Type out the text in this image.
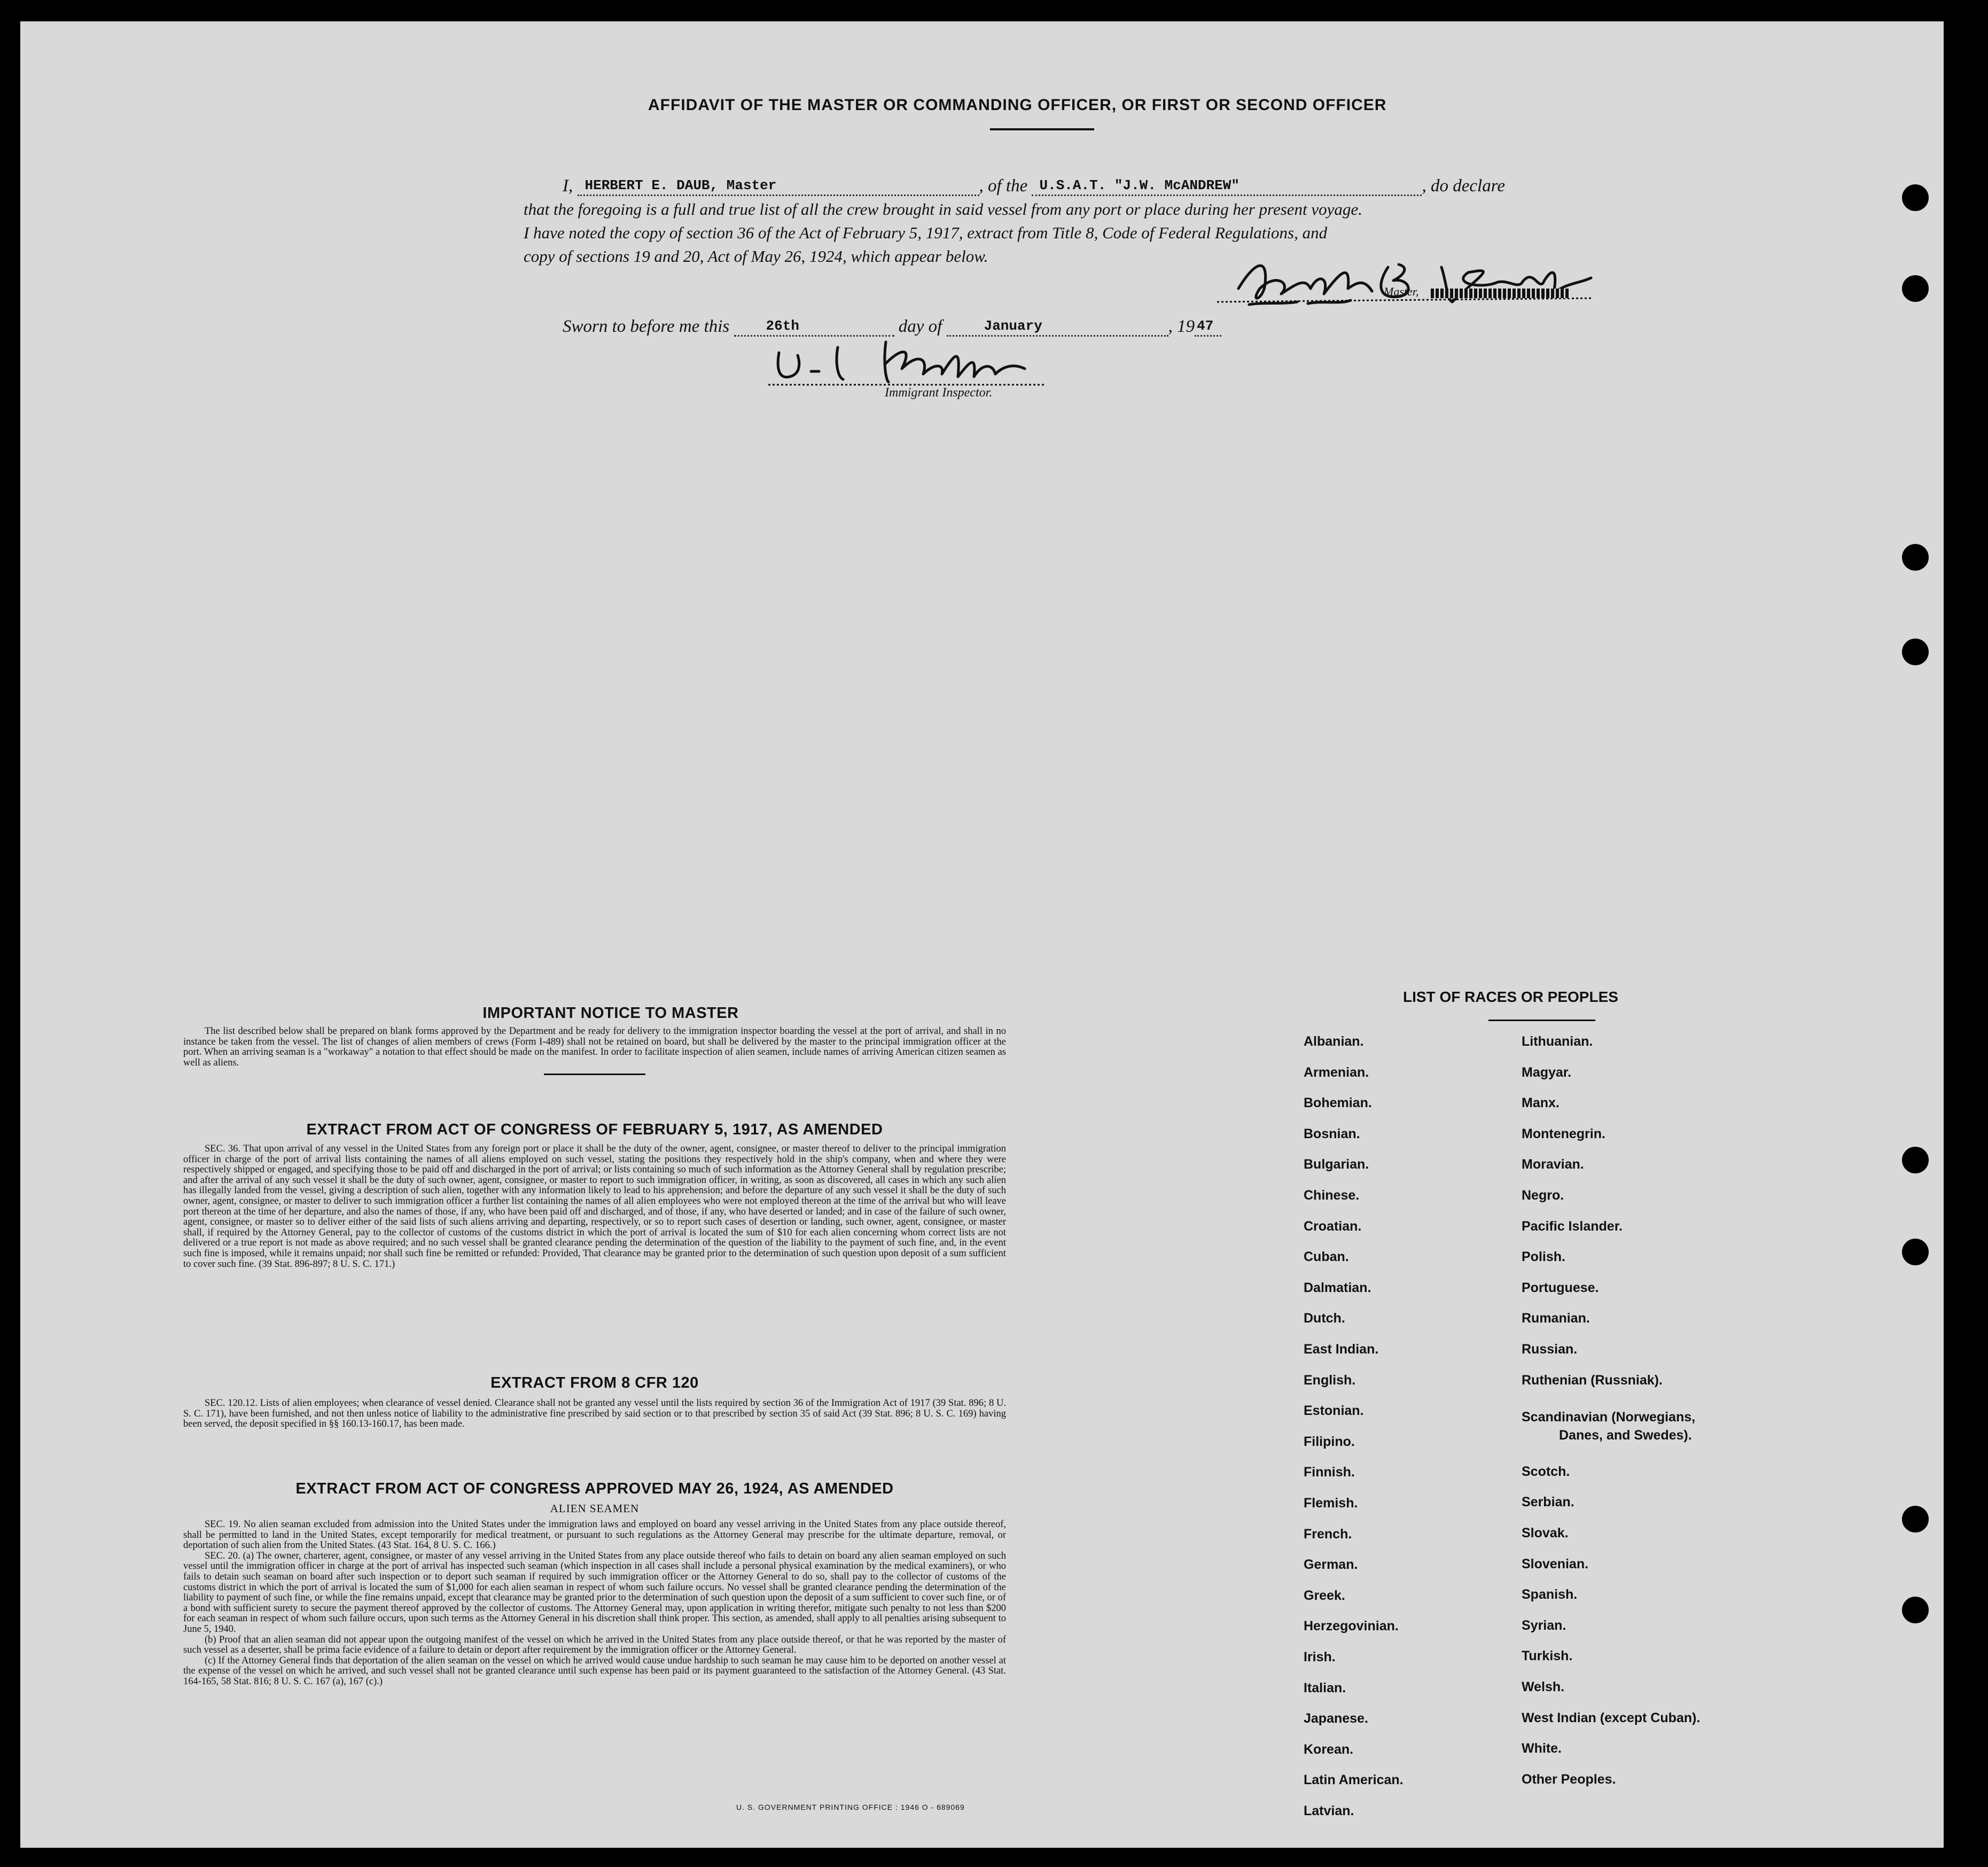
AFFIDAVIT OF THE MASTER OR COMMANDING OFFICER, OR FIRST OR SECOND OFFICER
I, HERBERT E. DAUB, Master	, of the U.S.A.T. "J.W. McANDREW"	, do declare
that the foregoing is a full and true list of all the crew brought in said vessel from any port or place during her present voyage.
I have noted the copy of section 36 of the Act of February 5, 1917, extract from Title 8, Code of Federal Regulations, and
copy of sections 19 and 20, Act of May 26, 1924, which appear below.
Master,
Sworn to before me this	26th	day of	January	, 19 47
Immigrant Inspector.
IMPORTANT NOTICE TO MASTER
The list described below shall be prepared on blank forms approved by the Department and be ready for delivery to the immigration inspector boarding the vessel at the port of arrival, and shall in no instance be taken from the vessel. The list of changes of alien members of crews (Form I-489) shall not be retained on board, but shall be delivered by the master to the principal immigration officer at the port. When an arriving seaman is a "workaway" a notation to that effect should be made on the manifest. In order to facilitate inspection of alien seamen, include names of arriving American citizen seamen as well as aliens.
EXTRACT FROM ACT OF CONGRESS OF FEBRUARY 5, 1917, AS AMENDED
SEC. 36. That upon arrival of any vessel in the United States from any foreign port or place it shall be the duty of the owner, agent, consignee, or master thereof to deliver to the principal immigration officer in charge of the port of arrival lists containing the names of all aliens employed on such vessel, stating the positions they respectively hold in the ship's company, when and where they were respectively shipped or engaged, and specifying those to be paid off and discharged in the port of arrival; or lists containing so much of such information as the Attorney General shall by regulation prescribe; and after the arrival of any such vessel it shall be the duty of such owner, agent, consignee, or master to report to such immigration officer, in writing, as soon as discovered, all cases in which any such alien has illegally landed from the vessel, giving a description of such alien, together with any information likely to lead to his apprehension; and before the departure of any such vessel it shall be the duty of such owner, agent, consignee, or master to deliver to such immigration officer a further list containing the names of all alien employees who were not employed thereon at the time of the arrival but who will leave port thereon at the time of her departure, and also the names of those, if any, who have been paid off and discharged, and of those, if any, who have deserted or landed; and in case of the failure of such owner, agent, consignee, or master so to deliver either of the said lists of such aliens arriving and departing, respectively, or so to report such cases of desertion or landing, such owner, agent, consignee, or master shall, if required by the Attorney General, pay to the collector of customs of the customs district in which the port of arrival is located the sum of $10 for each alien concerning whom correct lists are not delivered or a true report is not made as above required; and no such vessel shall be granted clearance pending the determination of the question of the liability to the payment of such fine, and, in the event such fine is imposed, while it remains unpaid; nor shall such fine be remitted or refunded: Provided, That clearance may be granted prior to the determination of such question upon deposit of a sum sufficient to cover such fine. (39 Stat. 896-897; 8 U. S. C. 171.)
EXTRACT FROM 8 CFR 120
SEC. 120.12. Lists of alien employees; when clearance of vessel denied. Clearance shall not be granted any vessel until the lists required by section 36 of the Immigration Act of 1917 (39 Stat. 896; 8 U. S. C. 171), have been furnished, and not then unless notice of liability to the administrative fine prescribed by said section or to that prescribed by section 35 of said Act (39 Stat. 896; 8 U. S. C. 169) having been served, the deposit specified in §§ 160.13-160.17, has been made.
EXTRACT FROM ACT OF CONGRESS APPROVED MAY 26, 1924, AS AMENDED
ALIEN SEAMEN
SEC. 19. No alien seaman excluded from admission into the United States under the immigration laws and employed on board any vessel arriving in the United States from any place outside thereof, shall be permitted to land in the United States, except temporarily for medical treatment, or pursuant to such regulations as the Attorney General may prescribe for the ultimate departure, removal, or deportation of such alien from the United States. (43 Stat. 164, 8 U. S. C. 166.)
SEC. 20. (a) The owner, charterer, agent, consignee, or master of any vessel arriving in the United States from any place outside thereof who fails to detain on board any alien seaman employed on such vessel until the immigration officer in charge at the port of arrival has inspected such seaman (which inspection in all cases shall include a personal physical examination by the medical examiners), or who fails to detain such seaman on board after such inspection or to deport such seaman if required by such immigration officer or the Attorney General to do so, shall pay to the collector of customs of the customs district in which the port of arrival is located the sum of $1,000 for each alien seaman in respect of whom such failure occurs. No vessel shall be granted clearance pending the determination of the liability to payment of such fine, or while the fine remains unpaid, except that clearance may be granted prior to the determination of such question upon the deposit of a sum sufficient to cover such fine, or of a bond with sufficient surety to secure the payment thereof approved by the collector of customs. The Attorney General may, upon application in writing therefor, mitigate such penalty to not less than $200 for each seaman in respect of whom such failure occurs, upon such terms as the Attorney General in his discretion shall think proper. This section, as amended, shall apply to all penalties arising subsequent to June 5, 1940.
(b) Proof that an alien seaman did not appear upon the outgoing manifest of the vessel on which he arrived in the United States from any place outside thereof, or that he was reported by the master of such vessel as a deserter, shall be prima facie evidence of a failure to detain or deport after requirement by the immigration officer or the Attorney General.
(c) If the Attorney General finds that deportation of the alien seaman on the vessel on which he arrived would cause undue hardship to such seaman he may cause him to be deported on another vessel at the expense of the vessel on which he arrived, and such vessel shall not be granted clearance until such expense has been paid or its payment guaranteed to the satisfaction of the Attorney General. (43 Stat. 164-165, 58 Stat. 816; 8 U. S. C. 167 (a), 167 (c).)
U. S. GOVERNMENT PRINTING OFFICE : 1946 O - 689069
LIST OF RACES OR PEOPLES
Albanian.
Armenian.
Bohemian.
Bosnian.
Bulgarian.
Chinese.
Croatian.
Cuban.
Dalmatian.
Dutch.
East Indian.
English.
Estonian.
Filipino.
Finnish.
Flemish.
French.
German.
Greek.
Herzegovinian.
Irish.
Italian.
Japanese.
Korean.
Latin American.
Latvian.
Lithuanian.
Magyar.
Manx.
Montenegrin.
Moravian.
Negro.
Pacific Islander.
Polish.
Portuguese.
Rumanian.
Russian.
Ruthenian (Russniak).
Scandinavian (Norwegians,
Danes, and Swedes).
Scotch.
Serbian.
Slovak.
Slovenian.
Spanish.
Syrian.
Turkish.
Welsh.
West Indian (except Cuban).
White.
Other Peoples.
